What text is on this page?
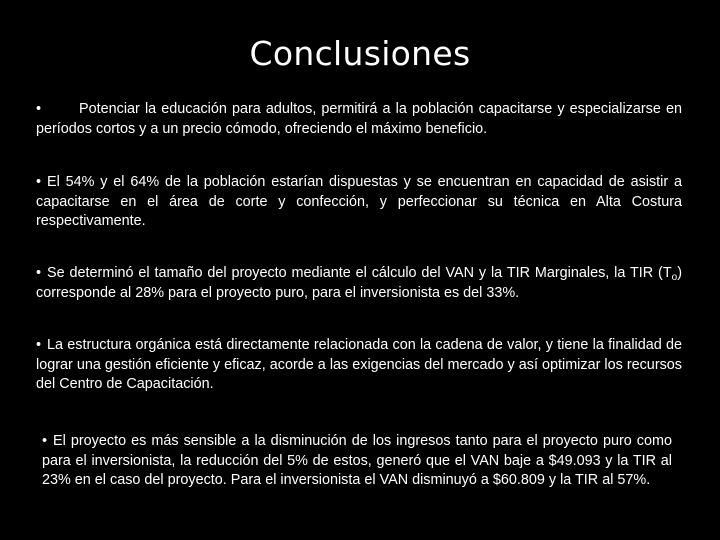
Conclusiones

•	Potenciar la educación para adultos, permitirá a la población capacitarse y especializarse en períodos cortos y a un precio cómodo, ofreciendo el máximo beneficio.

• El 54% y el 64% de la población estarían dispuestas y se encuentran en capacidad de asistir a capacitarse en el área de corte y confección, y perfeccionar su técnica en Alta Costura respectivamente.

• Se determinó el tamaño del proyecto mediante el cálculo del VAN y la TIR Marginales, la TIR $(T_o)$ corresponde al 28% para el proyecto puro, para el inversionista es del 33%.

• La estructura orgánica está directamente relacionada con la cadena de valor, y tiene la finalidad de lograr una gestión eficiente y eficaz, acorde a las exigencias del mercado y así optimizar los recursos del Centro de Capacitación.

• El proyecto es más sensible a la disminución de los ingresos tanto para el proyecto puro como para el inversionista, la reducción del 5% de estos, generó que el VAN baje a $49.093 y la TIR al 23% en el caso del proyecto. Para el inversionista el VAN disminuyó a $60.809 y la TIR al 57%.
